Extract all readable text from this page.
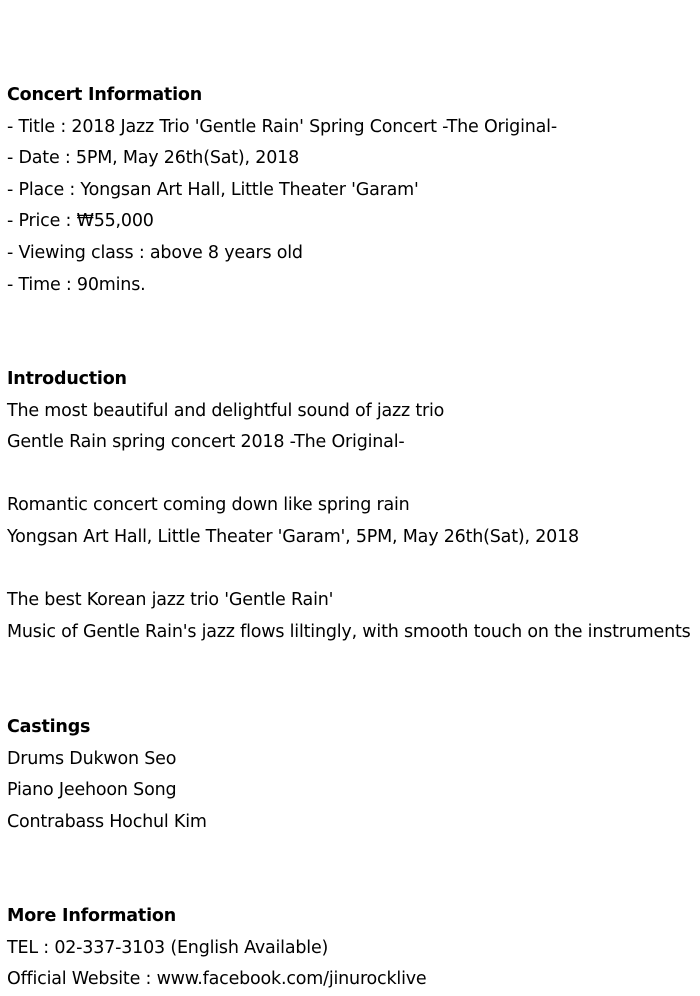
Concert Information
- Title : 2018 Jazz Trio 'Gentle Rain' Spring Concert -The Original-
- Date : 5PM, May 26th(Sat), 2018
- Place : Yongsan Art Hall, Little Theater 'Garam'
- Price : ₩55,000
- Viewing class : above 8 years old
- Time : 90mins.
Introduction
The most beautiful and delightful sound of jazz trio
Gentle Rain spring concert 2018 -The Original-
Romantic concert coming down like spring rain
Yongsan Art Hall, Little Theater 'Garam', 5PM, May 26th(Sat), 2018
The best Korean jazz trio 'Gentle Rain'
Music of Gentle Rain's jazz flows liltingly, with smooth touch on the instruments
Castings
Drums Dukwon Seo
Piano Jeehoon Song
Contrabass Hochul Kim
More Information
TEL : 02-337-3103 (English Available)
Official Website : www.facebook.com/jinurocklive
